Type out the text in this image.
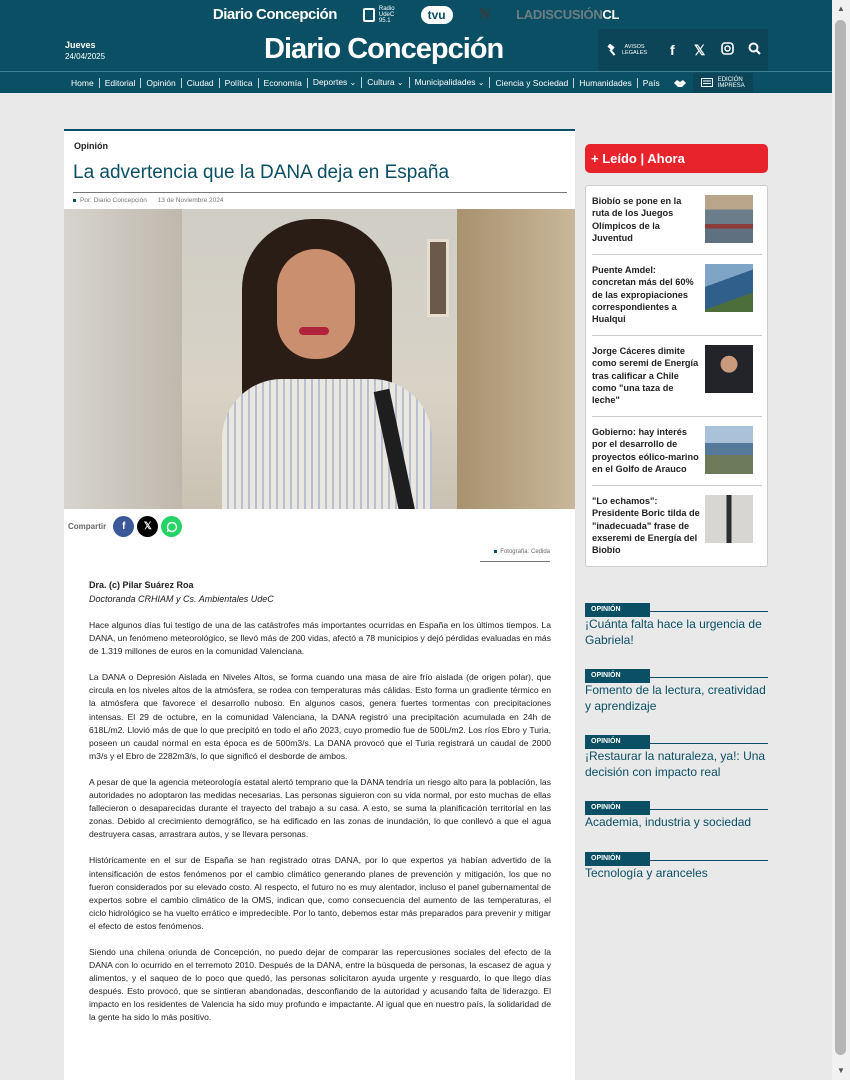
Diario Concepción	Radio
UdeC
95.1	tvu	N LADISCUSIÓNCL
Jueves
24/04/2025	Diario Concepción	AVISOS
LEGALES	f	𝕏
Home	Editorial	Opinión	Ciudad	Política	Economía	Deportes ⌄	Cultura ⌄	Municipalidades ⌄	Ciencia y Sociedad	Humanidades	País	EDICIÓN
IMPRESA
Opinión
La advertencia que la DANA deja en España
Por: Diario Concepción 13 de Noviembre 2024
Compartir	f	𝕏
Fotografía: Cedida
Dra. (c) Pilar Suárez Roa
Doctoranda CRHIAM y Cs. Ambientales UdeC

Hace algunos días fui testigo de una de las catástrofes más importantes ocurridas en España en los últimos tiempos. La DANA, un fenómeno meteorológico, se llevó más de 200 vidas, afectó a 78 municipios y dejó pérdidas evaluadas en más de 1.319 millones de euros en la comunidad Valenciana.

La DANA o Depresión Aislada en Niveles Altos, se forma cuando una masa de aire frío aislada (de origen polar), que circula en los niveles altos de la atmósfera, se rodea con temperaturas más cálidas. Esto forma un gradiente térmico en la atmósfera que favorece el desarrollo nuboso. En algunos casos, genera fuertes tormentas con precipitaciones intensas. El 29 de octubre, en la comunidad Valenciana, la DANA registró una precipitación acumulada en 24h de 618L/m2. Llovió más de que lo que precipitó en todo el año 2023, cuyo promedio fue de 500L/m2. Los ríos Ebro y Turia, poseen un caudal normal en esta época es de 500m3/s. La DANA provocó que el Turia registrará un caudal de 2000 m3/s y el Ebro de 2282m3/s, lo que significó el desborde de ambos.

A pesar de que la agencia meteorología estatal alertó temprano que la DANA tendría un riesgo alto para la población, las autoridades no adoptaron las medidas necesarias. Las personas siguieron con su vida normal, por esto muchas de ellas fallecieron o desaparecidas durante el trayecto del trabajo a su casa. A esto, se suma la planificación territorial en las zonas. Debido al crecimiento demográfico, se ha edificado en las zonas de inundación, lo que conllevó a que el agua destruyera casas, arrastrara autos, y se llevara personas.

Históricamente en el sur de España se han registrado otras DANA, por lo que expertos ya habían advertido de la intensificación de estos fenómenos por el cambio climático generando planes de prevención y mitigación, los que no fueron considerados por su elevado costo. Al respecto, el futuro no es muy alentador, incluso el panel gubernamental de expertos sobre el cambio climático de la OMS, indican que, como consecuencia del aumento de las temperaturas, el ciclo hidrológico se ha vuelto errático e impredecible. Por lo tanto, debemos estar más preparados para prevenir y mitigar el efecto de estos fenómenos.

Siendo una chilena oriunda de Concepción, no puedo dejar de comparar las repercusiones sociales del efecto de la DANA con lo ocurrido en el terremoto 2010. Después de la DANA, entre la búsqueda de personas, la escasez de agua y alimentos, y el saqueo de lo poco que quedó, las personas solicitaron ayuda urgente y resguardo, lo que llego días después. Esto provocó, que se sintieran abandonadas, desconfiando de la autoridad y acusando falta de liderazgo. El impacto en los residentes de Valencia ha sido muy profundo e impactante. Al igual que en nuestro país, la solidaridad de la gente ha sido lo más positivo.

+ Leído | Ahora
Biobío se pone en la ruta de los Juegos Olímpicos de la Juventud
Puente Amdel: concretan más del 60% de las expropiaciones correspondientes a Hualqui
Jorge Cáceres dimite como seremi de Energía tras calificar a Chile como "una taza de leche"
Gobierno: hay interés por el desarrollo de proyectos eólico-marino en el Golfo de Arauco
"Lo echamos": Presidente Boric tilda de "inadecuada" frase de exseremi de Energía del Biobío
OPINIÓN
¡Cuánta falta hace la urgencia de Gabriela!
OPINIÓN
Fomento de la lectura, creatividad y aprendizaje
OPINIÓN
¡Restaurar la naturaleza, ya!: Una decisión con impacto real
OPINIÓN
Academia, industria y sociedad
OPINIÓN
Tecnología y aranceles
▲
▼
